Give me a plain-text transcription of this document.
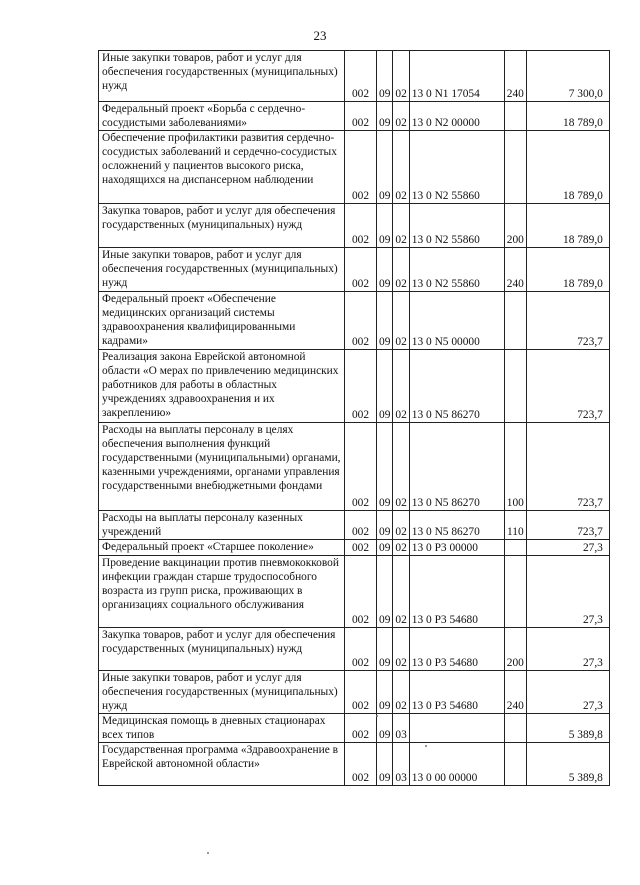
23
Иные закупки товаров, работ и услуг для обеспечения государственных (муниципальных) нужд	002	09	02	13 0 N1 17054	240	7 300,0
Федеральный проект «Борьба с сердечно-сосудистыми заболеваниями»	002	09	02	13 0 N2 00000		18 789,0
Обеспечение профилактики развития сердечно-сосудистых заболеваний и сердечно-сосудистых осложнений у пациентов высокого риска, находящихся на диспансерном наблюдении	002	09	02	13 0 N2 55860		18 789,0
Закупка товаров, работ и услуг для обеспечения государственных (муниципальных) нужд	002	09	02	13 0 N2 55860	200	18 789,0
Иные закупки товаров, работ и услуг для обеспечения государственных (муниципальных) нужд	002	09	02	13 0 N2 55860	240	18 789,0
Федеральный проект «Обеспечение медицинских организаций системы здравоохранения квалифицированными кадрами»	002	09	02	13 0 N5 00000		723,7
Реализация закона Еврейской автономной области «О мерах по привлечению медицинских работников для работы в областных учреждениях здравоохранения и их закреплению»	002	09	02	13 0 N5 86270		723,7
Расходы на выплаты персоналу в целях обеспечения выполнения функций государственными (муниципальными) органами, казенными учреждениями, органами управления государственными внебюджетными фондами	002	09	02	13 0 N5 86270	100	723,7
Расходы на выплаты персоналу казенных учреждений	002	09	02	13 0 N5 86270	110	723,7
Федеральный проект «Старшее поколение»	002	09	02	13 0 P3 00000		27,3
Проведение вакцинации против пневмококковой инфекции граждан старше трудоспособного возраста из групп риска, проживающих в организациях социального обслуживания	002	09	02	13 0 P3 54680		27,3
Закупка товаров, работ и услуг для обеспечения государственных (муниципальных) нужд	002	09	02	13 0 P3 54680	200	27,3
Иные закупки товаров, работ и услуг для обеспечения государственных (муниципальных) нужд	002	09	02	13 0 P3 54680	240	27,3
Медицинская помощь в дневных стационарах всех типов	002	09	03			5 389,8
Государственная программа «Здравоохранение в Еврейской автономной области»	002	09	03	13 0 00 00000		5 389,8
